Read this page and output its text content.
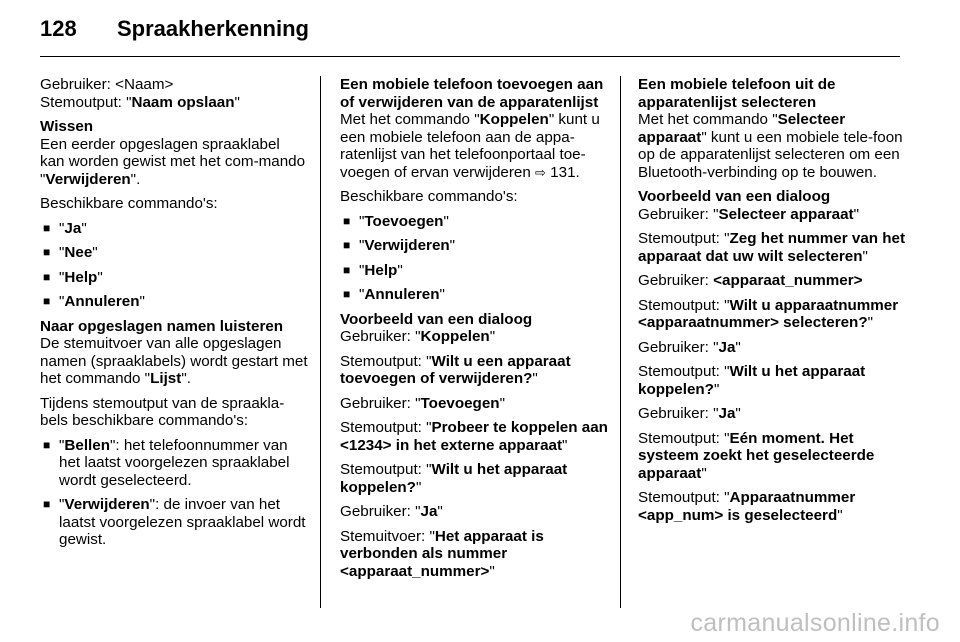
128 Spraakherkenning

Gebruiker: <Naam>

Stemoutput: "Naam opslaan"

Wissen

Een eerder opgeslagen spraaklabel kan worden gewist met het com-mando "Verwijderen".

Beschikbare commando's:

■ "Ja"
■ "Nee"
■ "Help"
■ "Annuleren"

Naar opgeslagen namen luisteren

De stemuitvoer van alle opgeslagen namen (spraaklabels) wordt gestart met het commando "Lijst".

Tijdens stemoutput van de spraakla-bels beschikbare commando's:

■ "Bellen": het telefoonnummer van het laatst voorgelezen spraaklabel wordt geselecteerd.
■ "Verwijderen": de invoer van het laatst voorgelezen spraaklabel wordt gewist.

Een mobiele telefoon toevoegen aan of verwijderen van de apparatenlijst

Met het commando "Koppelen" kunt u een mobiele telefoon aan de appa-ratenlijst van het telefoonportaal toe-voegen of ervan verwijderen ⇨ 131.

Beschikbare commando's:

■ "Toevoegen"
■ "Verwijderen"
■ "Help"
■ "Annuleren"

Voorbeeld van een dialoog

Gebruiker: "Koppelen"

Stemoutput: "Wilt u een apparaat toevoegen of verwijderen?"

Gebruiker: "Toevoegen"

Stemoutput: "Probeer te koppelen aan <1234> in het externe apparaat"

Stemoutput: "Wilt u het apparaat koppelen?"

Gebruiker: "Ja"

Stemuitvoer: "Het apparaat is verbonden als nummer <apparaat_nummer>"

Een mobiele telefoon uit de apparatenlijst selecteren

Met het commando "Selecteer apparaat" kunt u een mobiele tele-foon op de apparatenlijst selecteren om een Bluetooth-verbinding op te bouwen.

Voorbeeld van een dialoog

Gebruiker: "Selecteer apparaat"

Stemoutput: "Zeg het nummer van het apparaat dat uw wilt selecteren"

Gebruiker: <apparaat_nummer>

Stemoutput: "Wilt u apparaatnummer <apparaatnummer> selecteren?"

Gebruiker: "Ja"

Stemoutput: "Wilt u het apparaat koppelen?"

Gebruiker: "Ja"

Stemoutput: "Eén moment. Het systeem zoekt het geselecteerde apparaat"

Stemoutput: "Apparaatnummer <app_num> is geselecteerd"

carmanualsonline.info
